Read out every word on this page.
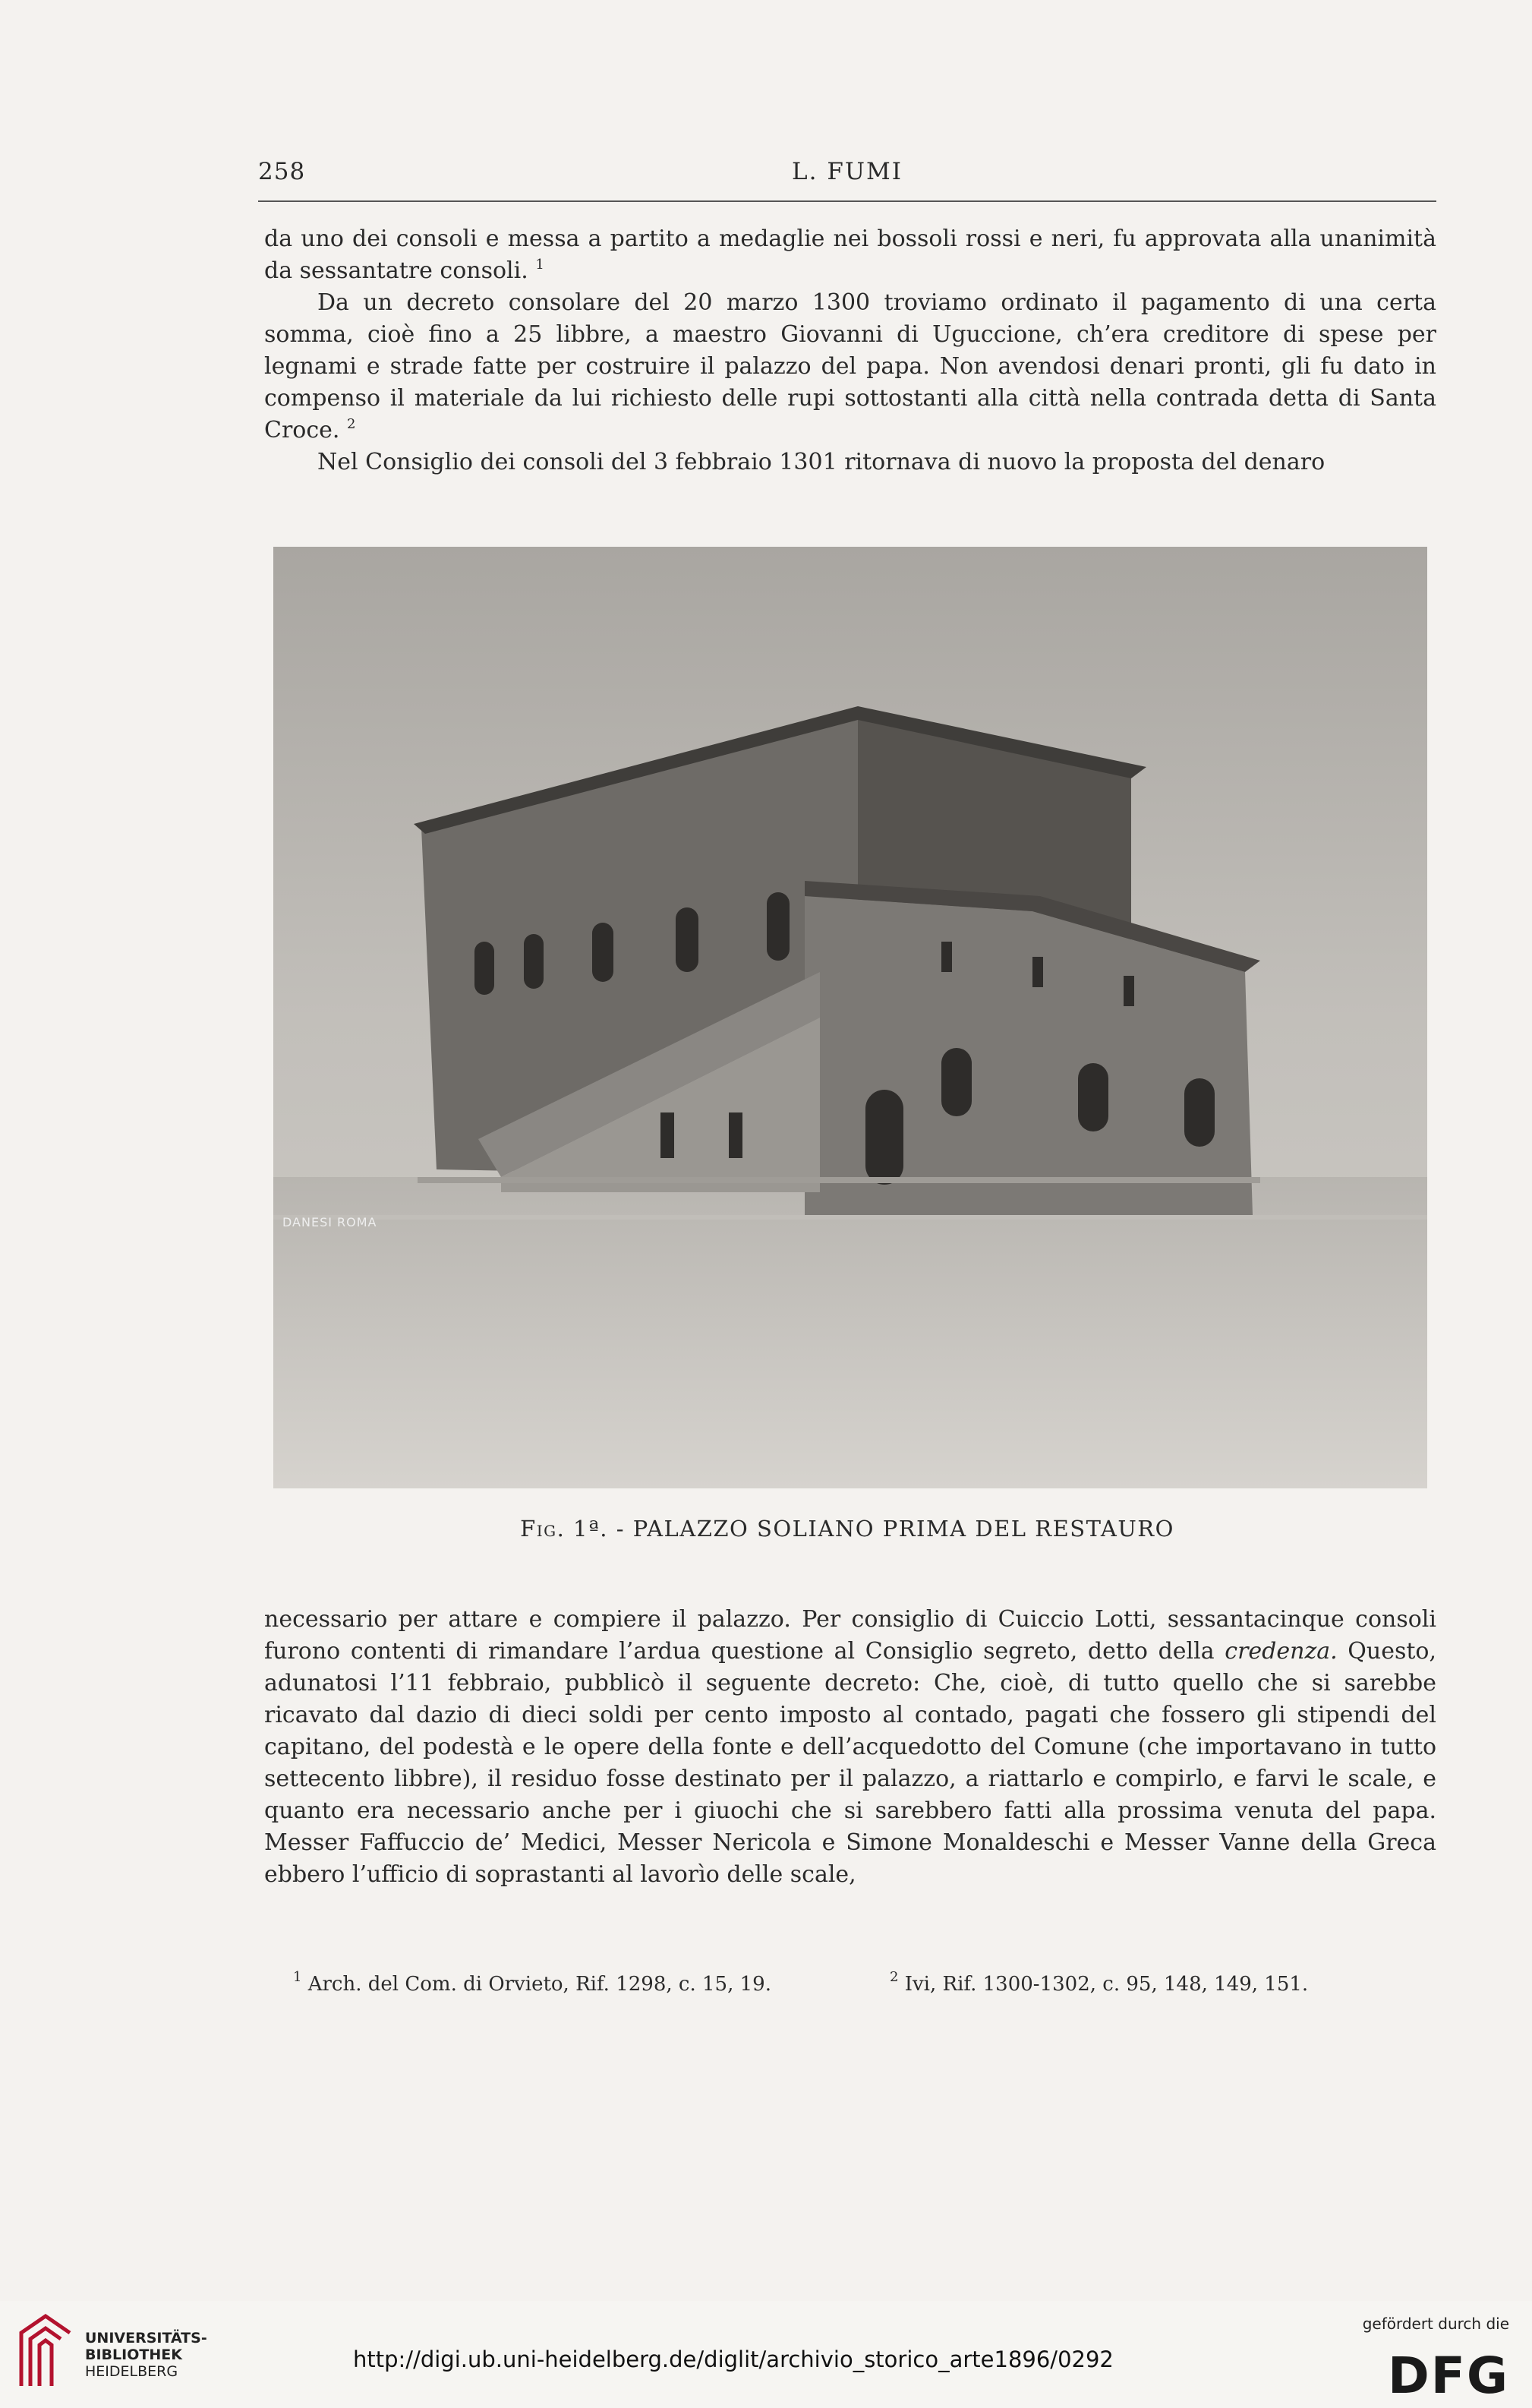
258	L. FUMI

da uno dei consoli e messa a partito a medaglie nei bossoli rossi e neri, fu approvata alla unanimità da sessantatre consoli. $^1$

Da un decreto consolare del 20 marzo 1300 troviamo ordinato il pagamento di una certa somma, cioè fino a 25 libbre, a maestro Giovanni di Uguccione, ch’era creditore di spese per legnami e strade fatte per costruire il palazzo del papa. Non avendosi denari pronti, gli fu dato in compenso il materiale da lui richiesto delle rupi sottostanti alla città nella contrada detta di Santa Croce. $^2$

Nel Consiglio dei consoli del 3 febbraio 1301 ritornava di nuovo la proposta del denaro

DANESI ROMA
Fig. 1ª. - PALAZZO SOLIANO PRIMA DEL RESTAURO

necessario per attare e compiere il palazzo. Per consiglio di Cuiccio Lotti, sessantacinque consoli furono contenti di rimandare l’ardua questione al Consiglio segreto, detto della credenza. Questo, adunatosi l’11 febbraio, pubblicò il seguente decreto: Che, cioè, di tutto quello che si sarebbe ricavato dal dazio di dieci soldi per cento imposto al contado, pagati che fossero gli stipendi del capitano, del podestà e le opere della fonte e dell’acquedotto del Comune (che importavano in tutto settecento libbre), il residuo fosse destinato per il palazzo, a riattarlo e compirlo, e farvi le scale, e quanto era necessario anche per i giuochi che si sarebbero fatti alla prossima venuta del papa. Messer Faffuccio de’ Medici, Messer Nericola e Simone Monaldeschi e Messer Vanne della Greca ebbero l’ufficio di soprastanti al lavorìo delle scale,

$^1$ Arch. del Com. di Orvieto, Rif. 1298, c. 15, 19.	$^2$ Ivi, Rif. 1300-1302, c. 95, 148, 149, 151.
UNIVERSITÄTS-
BIBLIOTHEK
HEIDELBERG	http://digi.ub.uni-heidelberg.de/diglit/archivio_storico_arte1896/0292
gefördert durch die
DFG
